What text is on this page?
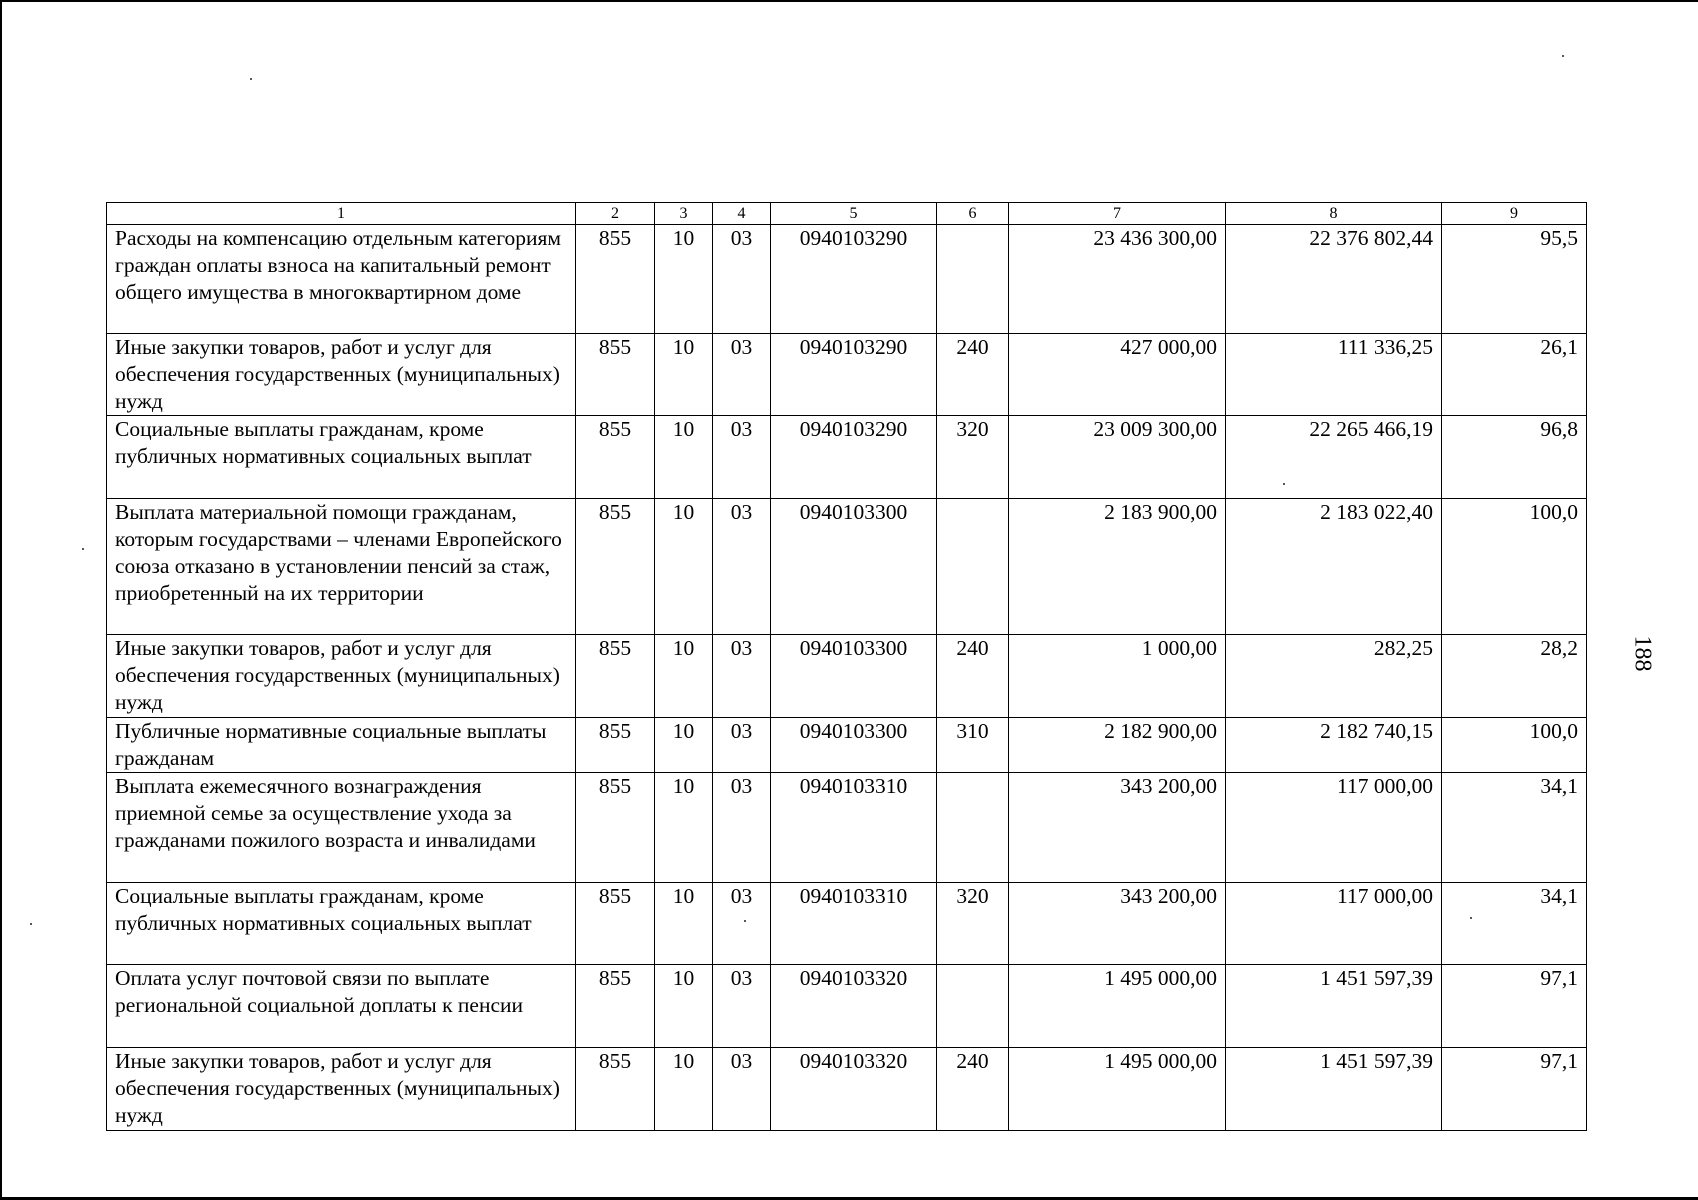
1	2	3	4	5	6	7	8	9
Расходы на компенсацию отдельным категориям граждан оплаты взноса на капитальный ремонт общего имущества в многоквартирном доме	855	10	03	0940103290		23 436 300,00	22 376 802,44	95,5
Иные закупки товаров, работ и услуг для обеспечения государственных (муниципальных) нужд	855	10	03	0940103290	240	427 000,00	111 336,25	26,1
Социальные выплаты гражданам, кроме публичных нормативных социальных выплат	855	10	03	0940103290	320	23 009 300,00	22 265 466,19	96,8
Выплата материальной помощи гражданам, которым государствами – членами Европейского союза отказано в установлении пенсий за стаж, приобретенный на их территории	855	10	03	0940103300		2 183 900,00	2 183 022,40	100,0
Иные закупки товаров, работ и услуг для обеспечения государственных (муниципальных) нужд	855	10	03	0940103300	240	1 000,00	282,25	28,2
Публичные нормативные социальные выплаты гражданам	855	10	03	0940103300	310	2 182 900,00	2 182 740,15	100,0
Выплата ежемесячного вознаграждения приемной семье за осуществление ухода за гражданами пожилого возраста и инвалидами	855	10	03	0940103310		343 200,00	117 000,00	34,1
Социальные выплаты гражданам, кроме публичных нормативных социальных выплат	855	10	03	0940103310	320	343 200,00	117 000,00	34,1
Оплата услуг почтовой связи по выплате региональной социальной доплаты к пенсии	855	10	03	0940103320		1 495 000,00	1 451 597,39	97,1
Иные закупки товаров, работ и услуг для обеспечения государственных (муниципальных) нужд	855	10	03	0940103320	240	1 495 000,00	1 451 597,39	97,1
188
